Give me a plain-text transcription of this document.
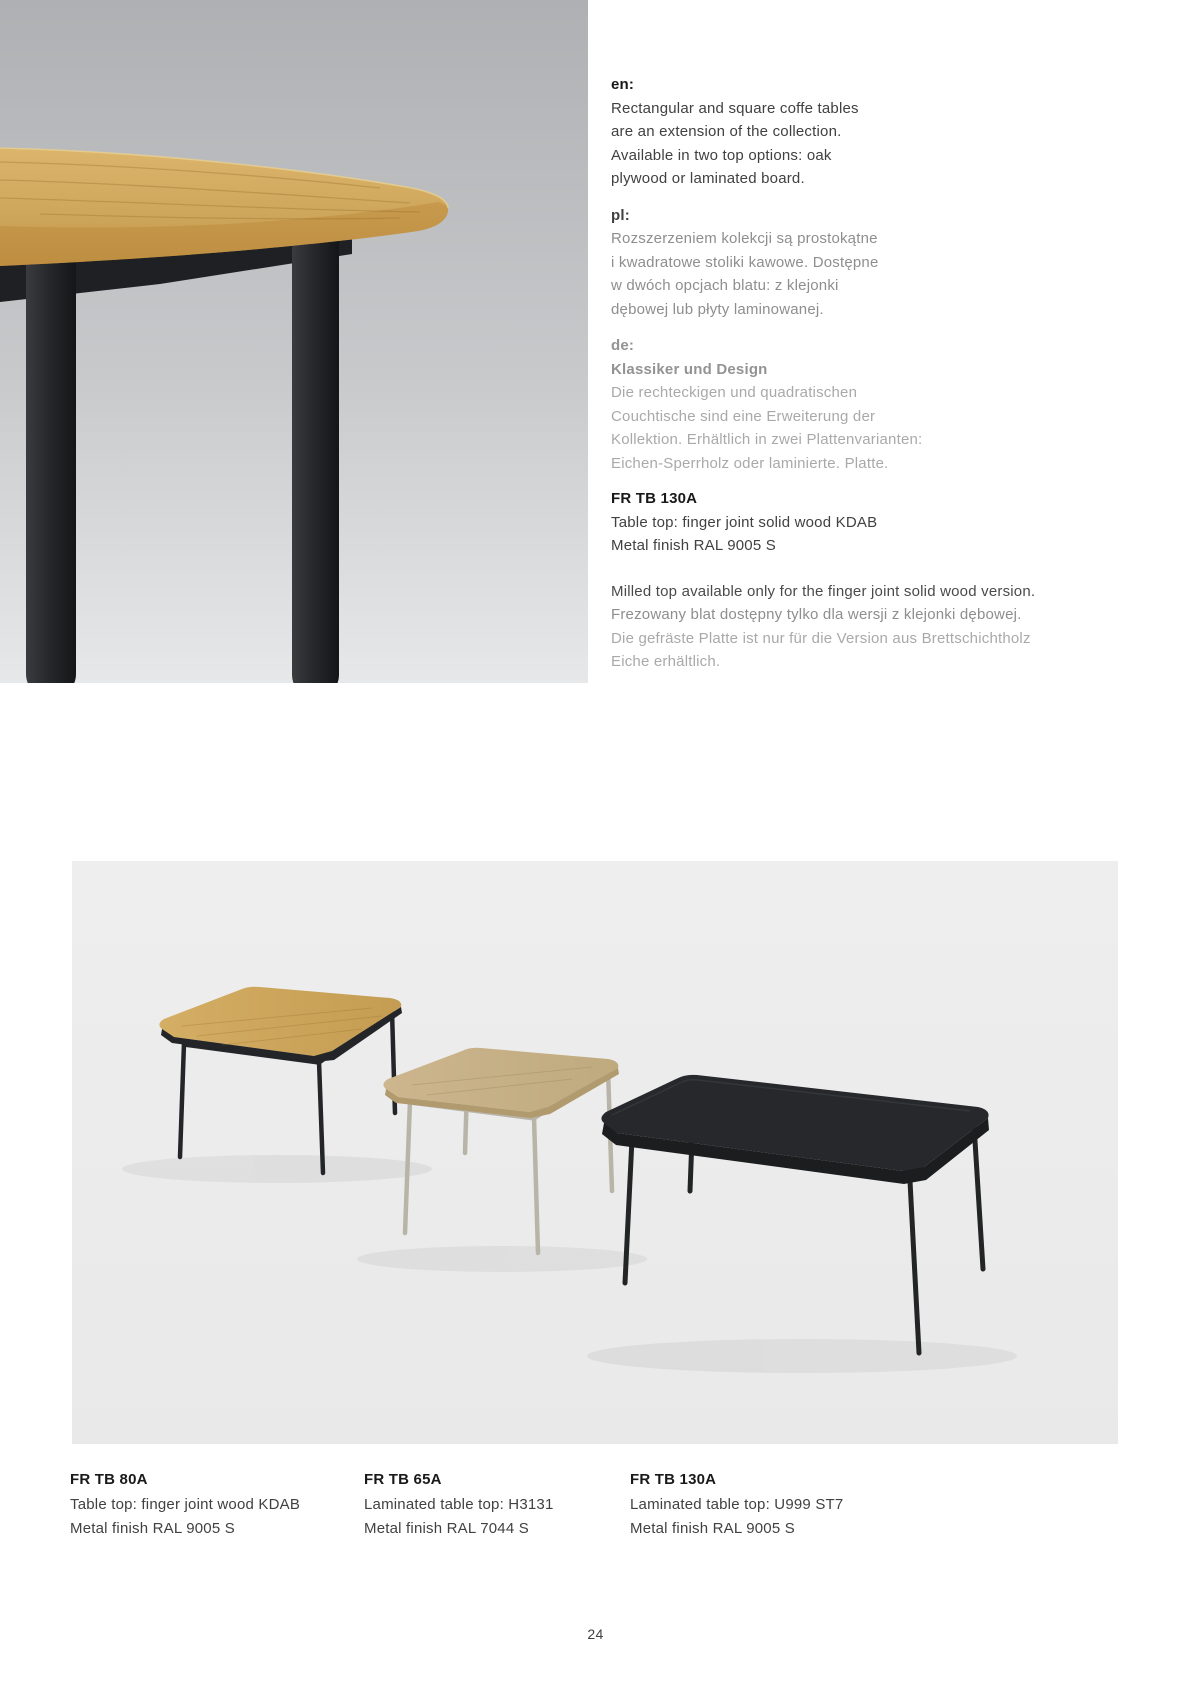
en:
Rectangular and square coffe tables
are an extension of the collection.
Available in two top options: oak
plywood or laminated board.
pl:
Rozszerzeniem kolekcji są prostokątne
i kwadratowe stoliki kawowe. Dostępne
w dwóch opcjach blatu: z klejonki
dębowej lub płyty laminowanej.
de:
Klassiker und Design
Die rechteckigen und quadratischen
Couchtische sind eine Erweiterung der
Kollektion. Erhältlich in zwei Plattenvarianten:
Eichen-Sperrholz oder laminierte. Platte.
FR TB 130A
Table top: finger joint solid wood KDAB
Metal finish RAL 9005 S
Milled top available only for the finger joint solid wood version.
Frezowany blat dostępny tylko dla wersji z klejonki dębowej.
Die gefräste Platte ist nur für die Version aus Brettschichtholz
Eiche erhältlich.
FR TB 80A
Table top: finger joint wood KDAB
Metal finish RAL 9005 S
FR TB 65A
Laminated table top: H3131
Metal finish RAL 7044 S
FR TB 130A
Laminated table top: U999 ST7
Metal finish RAL 9005 S
24
